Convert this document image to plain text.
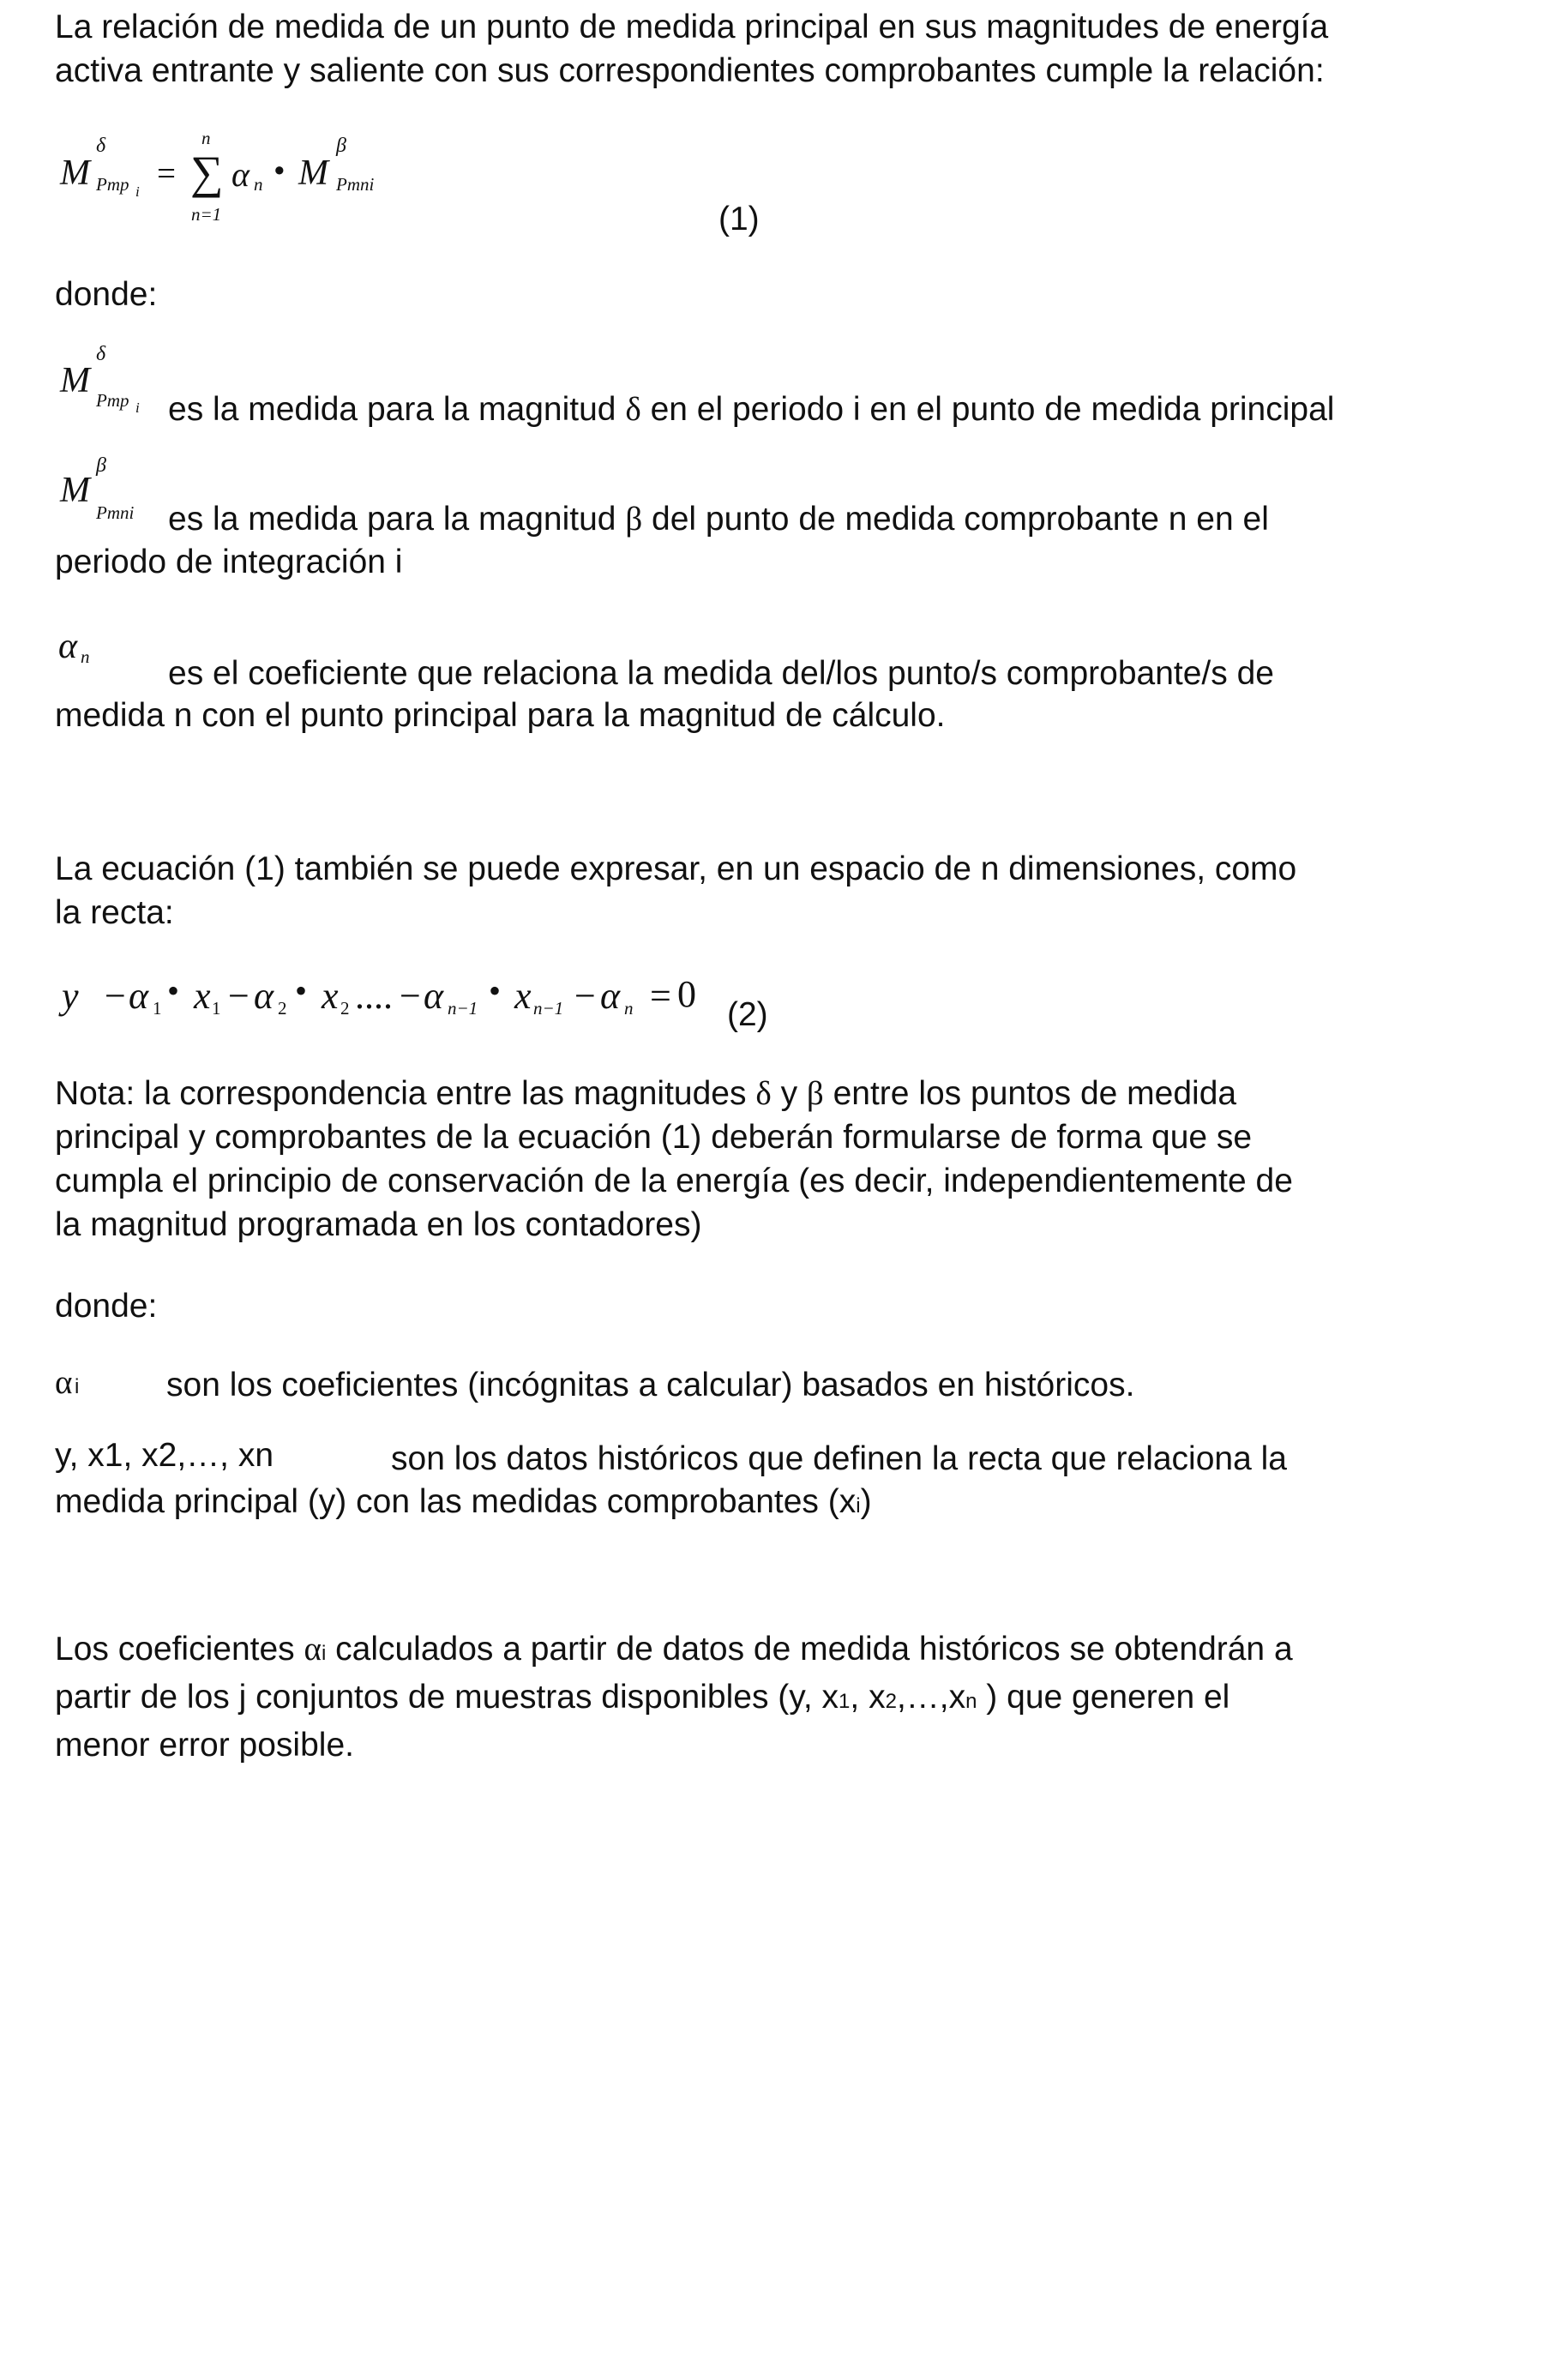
La relación de medida de un punto de medida principal en sus magnitudes de energía
activa entrante y saliente con sus correspondientes comprobantes cumple la relación:

M
δ
Pmp i =
n
∑
n=1
α n • M
β
Pmni
(1)

donde:

M
δ
Pmp i es la medida para la magnitud δ en el periodo i en el punto de medida principal

M
β
Pmni es la medida para la magnitud β del punto de medida comprobante n en el

periodo de integración i

α n es el coeficiente que relaciona la medida del/los punto/s comprobante/s de

medida n con el punto principal para la magnitud de cálculo.

La ecuación (1) también se puede expresar, en un espacio de n dimensiones, como
la recta:

y − α 1 • x 1 − α 2 • x 2 .... − α n−1 • x n−1 − α n = 0 (2)

Nota: la correspondencia entre las magnitudes δ y β entre los puntos de medida
principal y comprobantes de la ecuación (1) deberán formularse de forma que se
cumpla el principio de conservación de la energía (es decir, independientemente de
la magnitud programada en los contadores)

donde:

α i	son los coeficientes (incógnitas a calcular) basados en históricos.

y, x1, x2,…, xn	son los datos históricos que definen la recta que relaciona la

medida principal (y) con las medidas comprobantes (xi)

Los coeficientes αi calculados a partir de datos de medida históricos se obtendrán a
partir de los j conjuntos de muestras disponibles (y, x1, x2,…,xn ) que generen el
menor error posible.
